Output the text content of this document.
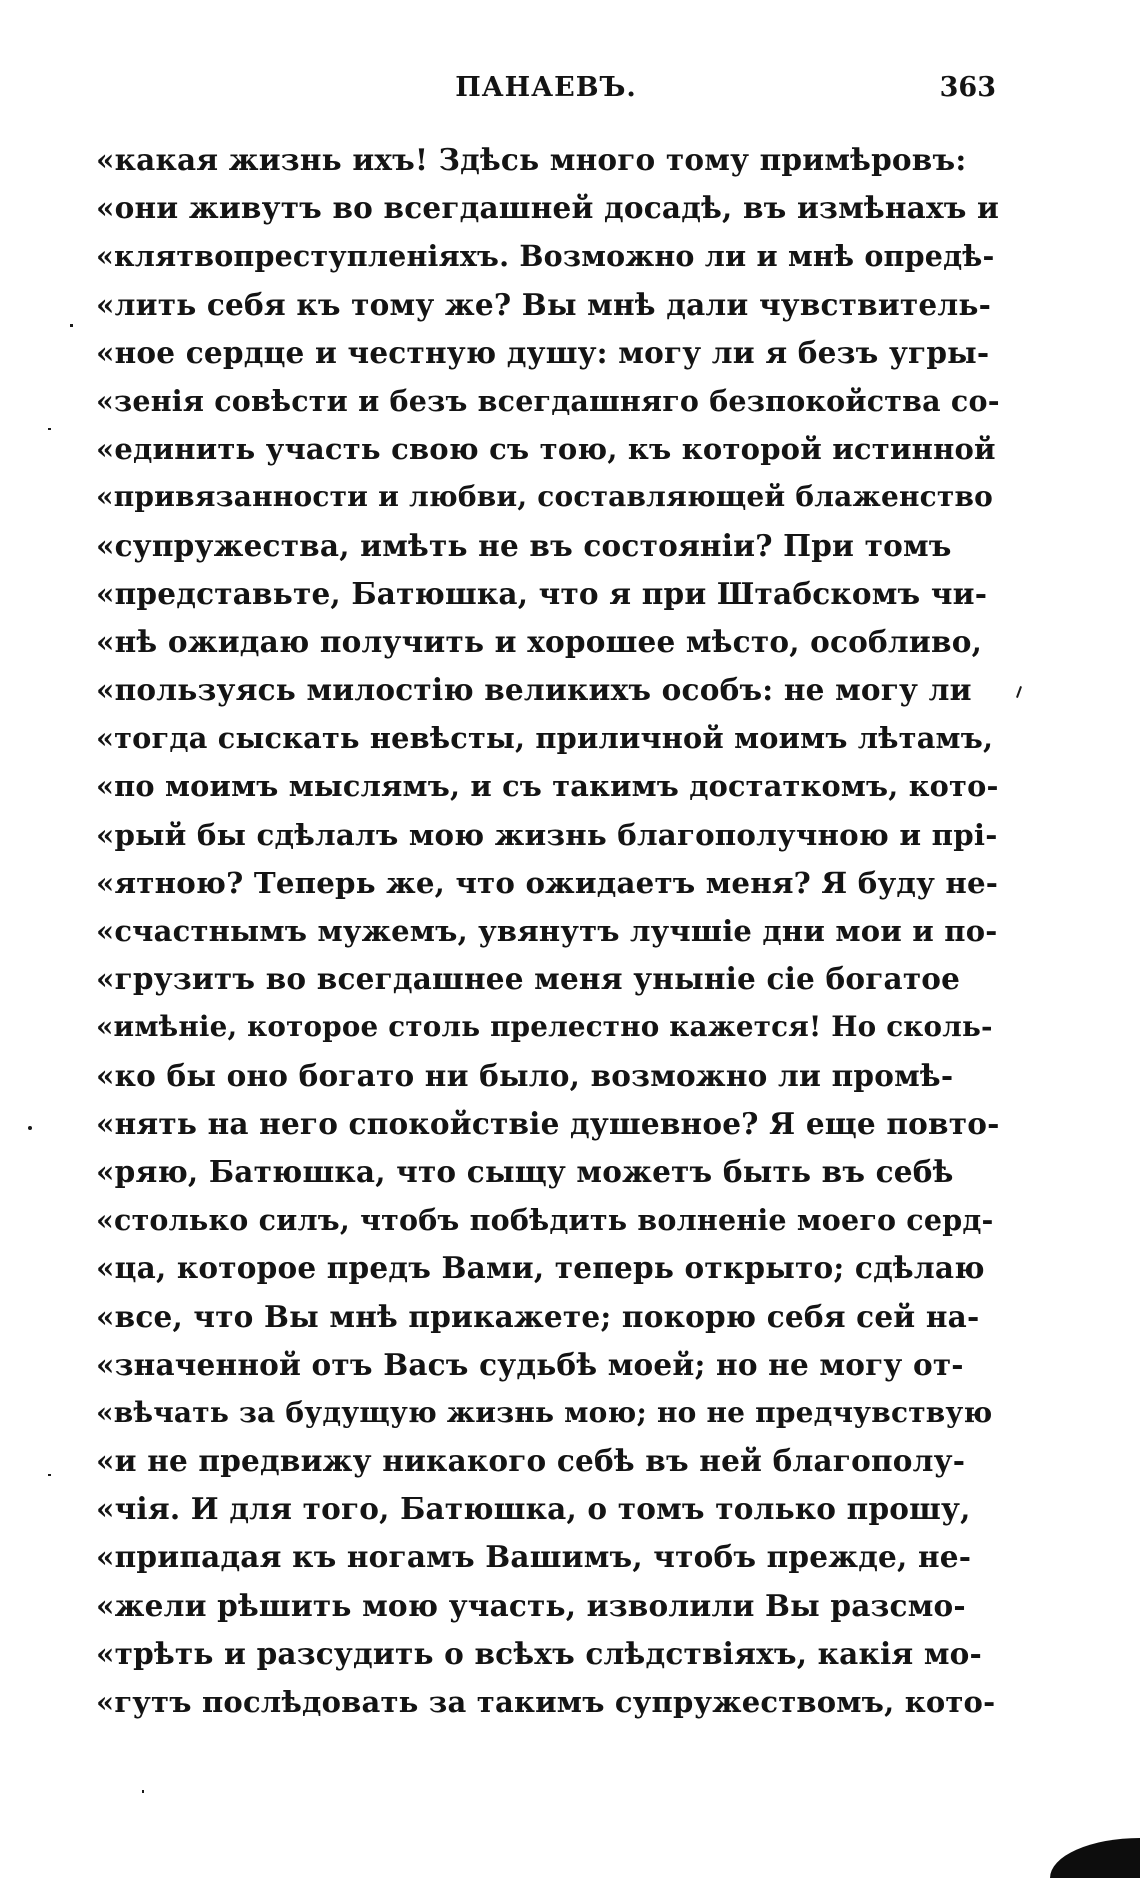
ПАНАЕВЪ.	363
«какая жизнь ихъ! Здѣсь много тому примѣровъ:
«они живутъ во всегдашней досадѣ, въ измѣнахъ и
«клятвопреступленіяхъ. Возможно ли и мнѣ опредѣ-
«лить себя къ тому же? Вы мнѣ дали чувствитель-
«ное сердце и честную душу: могу ли я безъ угры-
«зенія совѣсти и безъ всегдашняго безпокойства со-
«единить участь свою съ тою, къ которой истинной
«привязанности и любви, составляющей блаженство
«супружества, имѣть не въ состояніи? При томъ
«представьте, Батюшка, что я при Штабскомъ чи-
«нѣ ожидаю получить и хорошее мѣсто, особливо,
«пользуясь милостію великихъ особъ: не могу ли
«тогда сыскать невѣсты, приличной моимъ лѣтамъ,
«по моимъ мыслямъ, и съ такимъ достаткомъ, кото-
«рый бы сдѣлалъ мою жизнь благополучною и прі-
«ятною? Теперь же, что ожидаетъ меня? Я буду не-
«счастнымъ мужемъ, увянутъ лучшіе дни мои и по-
«грузитъ во всегдашнее меня уныніе сіе богатое
«имѣніе, которое столь прелестно кажется! Но сколь-
«ко бы оно богато ни было, возможно ли промѣ-
«нять на него спокойствіе душевное? Я еще повто-
«ряю, Батюшка, что сыщу можетъ быть въ себѣ
«столько силъ, чтобъ побѣдить волненіе моего серд-
«ца, которое предъ Вами, теперь открыто; сдѣлаю
«все, что Вы мнѣ прикажете; покорю себя сей на-
«значенной отъ Васъ судьбѣ моей; но не могу от-
«вѣчать за будущую жизнь мою; но не предчувствую
«и не предвижу никакого себѣ въ ней благополу-
«чія. И для того, Батюшка, о томъ только прошу,
«припадая къ ногамъ Вашимъ, чтобъ прежде, не-
«жели рѣшить мою участь, изволили Вы разсмо-
«трѣть и разсудить о всѣхъ слѣдствіяхъ, какія мо-
«гутъ послѣдовать за такимъ супружествомъ, кото-
